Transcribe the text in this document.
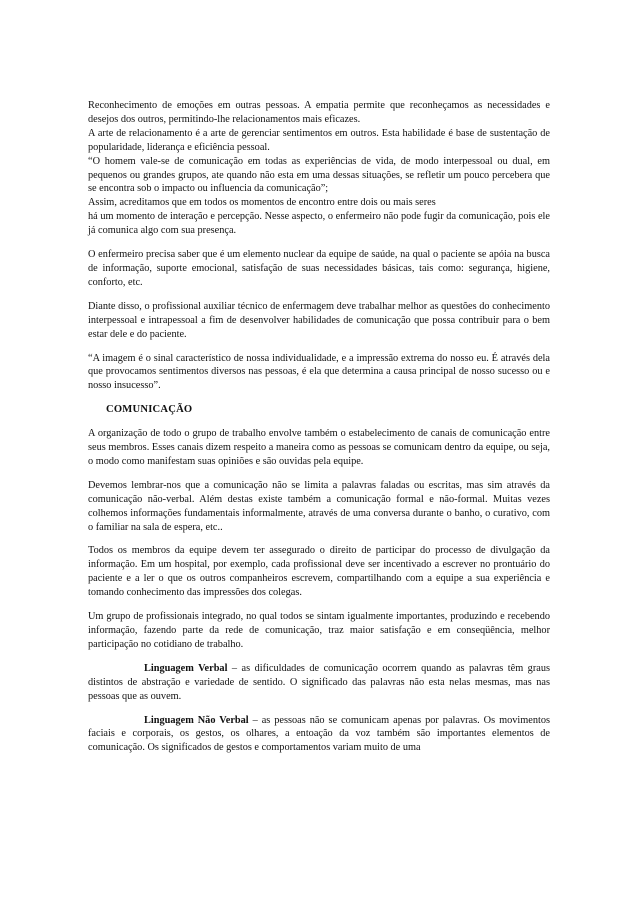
Reconhecimento de emoções em outras pessoas. A empatia permite que reconheçamos as necessidades e desejos dos outros, permitindo-lhe relacionamentos mais eficazes.
A arte de relacionamento é a arte de gerenciar sentimentos em outros. Esta habilidade é base de sustentação de popularidade, liderança e eficiência pessoal.
“O homem vale-se de comunicação em todas as experiências de vida, de modo interpessoal ou dual, em pequenos ou grandes grupos, ate quando não esta em uma dessas situações, se refletir um pouco percebera que se encontra sob o impacto ou influencia da comunicação”;
Assim, acreditamos que em todos os momentos de encontro entre dois ou mais seres
há um momento de interação e percepção. Nesse aspecto, o enfermeiro não pode fugir da comunicação, pois ele já comunica algo com sua presença.

O enfermeiro precisa saber que é um elemento nuclear da equipe de saúde, na qual o paciente se apóia na busca de informação, suporte emocional, satisfação de suas necessidades básicas, tais como: segurança, higiene, conforto, etc.

Diante disso, o profissional auxiliar técnico de enfermagem deve trabalhar melhor as questões do conhecimento interpessoal e intrapessoal a fim de desenvolver habilidades de comunicação que possa contribuir para o bem estar dele e do paciente.

“A imagem é o sinal característico de nossa individualidade, e a impressão extrema do nosso eu. É através dela que provocamos sentimentos diversos nas pessoas, é ela que determina a causa principal de nosso sucesso ou e nosso insucesso”.

COMUNICAÇÃO

A organização de todo o grupo de trabalho envolve também o estabelecimento de canais de comunicação entre seus membros. Esses canais dizem respeito a maneira como as pessoas se comunicam dentro da equipe, ou seja, o modo como manifestam suas opiniões e são ouvidas pela equipe.

Devemos lembrar-nos que a comunicação não se limita a palavras faladas ou escritas, mas sim através da comunicação não-verbal. Além destas existe também a comunicação formal e não-formal. Muitas vezes colhemos informações fundamentais informalmente, através de uma conversa durante o banho, o curativo, com o familiar na sala de espera, etc..

Todos os membros da equipe devem ter assegurado o direito de participar do processo de divulgação da informação. Em um hospital, por exemplo, cada profissional deve ser incentivado a escrever no prontuário do paciente e a ler o que os outros companheiros escrevem, compartilhando com a equipe a sua experiência e tomando conhecimento das impressões dos colegas.

Um grupo de profissionais integrado, no qual todos se sintam igualmente importantes, produzindo e recebendo informação, fazendo parte da rede de comunicação, traz maior satisfação e em conseqüência, melhor participação no cotidiano de trabalho.

Linguagem Verbal – as dificuldades de comunicação ocorrem quando as palavras têm graus distintos de abstração e variedade de sentido. O significado das palavras não esta nelas mesmas, mas nas pessoas que as ouvem.

Linguagem Não Verbal – as pessoas não se comunicam apenas por palavras. Os movimentos faciais e corporais, os gestos, os olhares, a entoação da voz também são importantes elementos de comunicação. Os significados de gestos e comportamentos variam muito de uma
